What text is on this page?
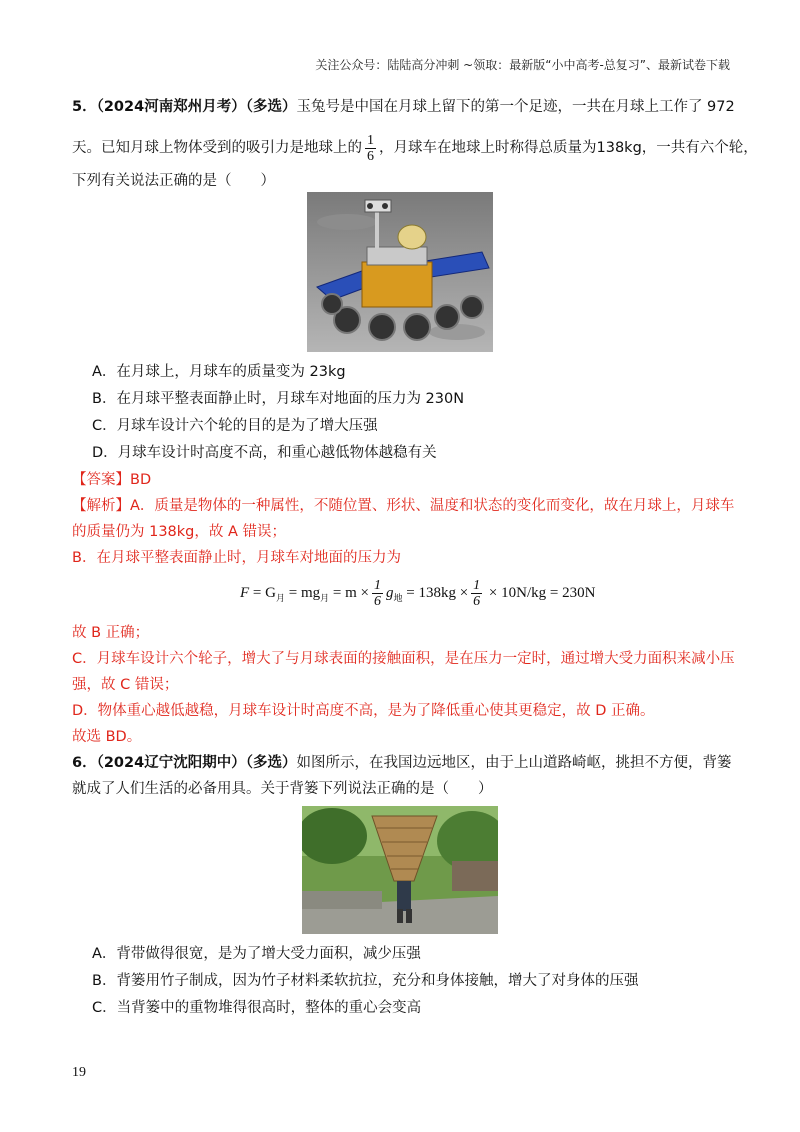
关注公众号：陆陆高分冲刺 ~领取：最新版“小中高考-总复习”、最新试卷下载
5．（2024河南郑州月考）（多选）玉兔号是中国在月球上留下的第一个足迹，一共在月球上工作了 972
天。已知月球上物体受到的吸引力是地球上的 $\frac{1}{6}$ ，月球车在地球上时称得总质量为138kg，一共有六个轮，
下列有关说法正确的是（　　）
A．在月球上，月球车的质量变为 23kg
B．在月球平整表面静止时，月球车对地面的压力为 230N
C．月球车设计六个轮的目的是为了增大压强
D．月球车设计时高度不高，和重心越低物体越稳有关
【答案】BD
【解析】A．质量是物体的一种属性，不随位置、形状、温度和状态的变化而变化，故在月球上，月球车
的质量仍为 138kg，故 A 错误；
B．在月球平整表面静止时，月球车对地面的压力为
$F = G_月 = mg_月 = m \times \frac{1}{6} g_地 = 138kg \times \frac{1}{6} \times 10N/kg = 230N$
故 B 正确；
C．月球车设计六个轮子，增大了与月球表面的接触面积，是在压力一定时，通过增大受力面积来减小压
强，故 C 错误；
D．物体重心越低越稳，月球车设计时高度不高，是为了降低重心使其更稳定，故 D 正确。
故选 BD。
6．（2024辽宁沈阳期中）（多选）如图所示，在我国边远地区，由于上山道路崎岖，挑担不方便，背篓
就成了人们生活的必备用具。关于背篓下列说法正确的是（　　）
A．背带做得很宽，是为了增大受力面积，减少压强
B．背篓用竹子制成，因为竹子材料柔软抗拉，充分和身体接触，增大了对身体的压强
C．当背篓中的重物堆得很高时，整体的重心会变高
19
